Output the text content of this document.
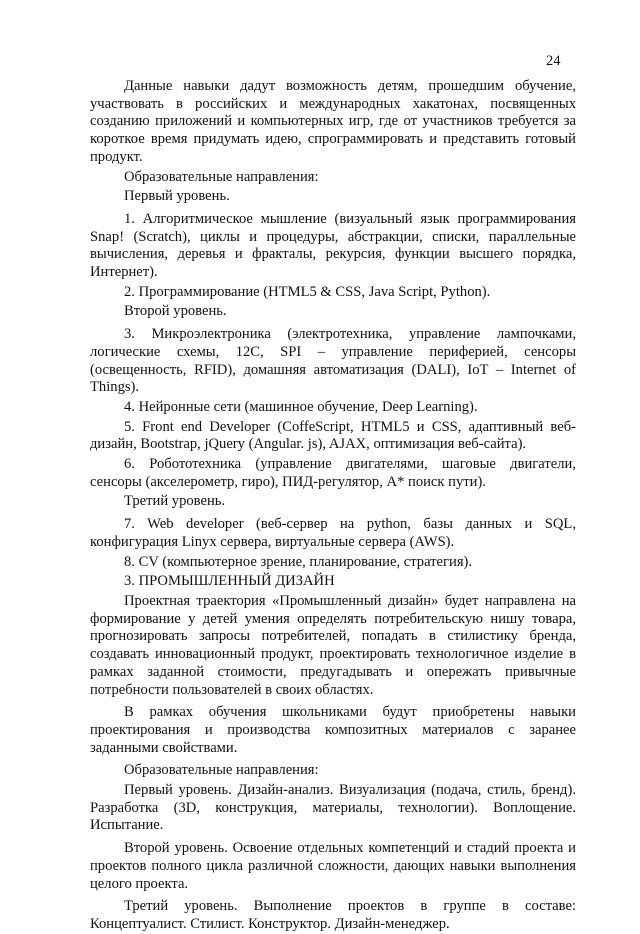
24

Данные навыки дадут возможность детям, прошедшим обучение, участвовать в российских и международных хакатонах, посвященных созданию приложений и компьютерных игр, где от участников требуется за короткое время придумать идею, спрограммировать и представить готовый продукт.

Образовательные направления:

Первый уровень.

1. Алгоритмическое мышление (визуальный язык программирования Snap! (Scratch), циклы и процедуры, абстракции, списки, параллельные вычисления, деревья и фракталы, рекурсия, функции высшего порядка, Интернет).

2. Программирование (HTML5 & CSS, Java Script, Python).

Второй уровень.

3. Микроэлектроника (электротехника, управление лампочками, логические схемы, 12C, SPI – управление периферией, сенсоры (освещенность, RFID), домашняя автоматизация (DALI), IoT – Internet of Things).

4. Нейронные сети (машинное обучение, Deep Learning).

5. Front end Developer (CoffeScript, HTML5 и CSS, адаптивный веб-дизайн, Bootstrap, jQuery (Angular. js), AJAX, оптимизация веб-сайта).

6. Робототехника (управление двигателями, шаговые двигатели, сенсоры (акселерометр, гиро), ПИД-регулятор, А* поиск пути).

Третий уровень.

7. Web developer (веб-сервер на python, базы данных и SQL, конфигурация Linyx сервера, виртуальные сервера (AWS).

8. CV (компьютерное зрение, планирование, стратегия).

3. ПРОМЫШЛЕННЫЙ ДИЗАЙН

Проектная траектория «Промышленный дизайн» будет направлена на формирование у детей умения определять потребительскую нишу товара, прогнозировать запросы потребителей, попадать в стилистику бренда, создавать инновационный продукт, проектировать технологичное изделие в рамках заданной стоимости, предугадывать и опережать привычные потребности пользователей в своих областях.

В рамках обучения школьниками будут приобретены навыки проектирования и производства композитных материалов с заранее заданными свойствами.

Образовательные направления:

Первый уровень. Дизайн-анализ. Визуализация (подача, стиль, бренд). Разработка (3D, конструкция, материалы, технологии). Воплощение. Испытание.

Второй уровень. Освоение отдельных компетенций и стадий проекта и проектов полного цикла различной сложности, дающих навыки выполнения целого проекта.

Третий уровень. Выполнение проектов в группе в составе: Концептуалист. Стилист. Конструктор. Дизайн-менеджер.
